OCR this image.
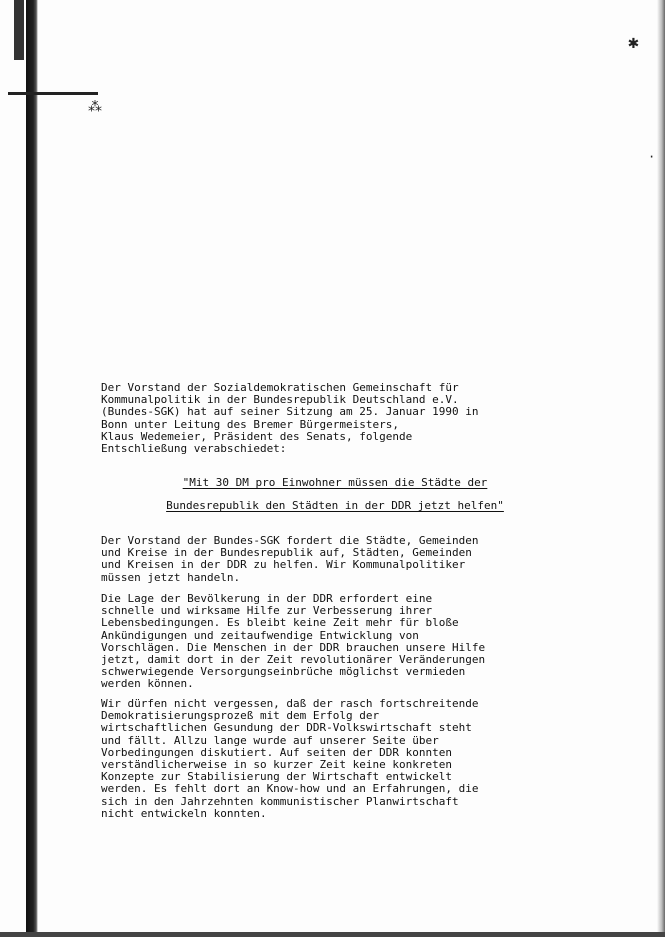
⁂
✱
·
Der Vorstand der Sozialdemokratischen Gemeinschaft für
Kommunalpolitik in der Bundesrepublik Deutschland e.V.
(Bundes-SGK) hat auf seiner Sitzung am 25. Januar 1990 in
Bonn unter Leitung des Bremer Bürgermeisters,
Klaus Wedemeier, Präsident des Senats, folgende
Entschließung verabschiedet:
"Mit 30 DM pro Einwohner müssen die Städte der
Bundesrepublik den Städten in der DDR jetzt helfen"
Der Vorstand der Bundes-SGK fordert die Städte, Gemeinden
und Kreise in der Bundesrepublik auf, Städten, Gemeinden
und Kreisen in der DDR zu helfen. Wir Kommunalpolitiker
müssen jetzt handeln.
Die Lage der Bevölkerung in der DDR erfordert eine
schnelle und wirksame Hilfe zur Verbesserung ihrer
Lebensbedingungen. Es bleibt keine Zeit mehr für bloße
Ankündigungen und zeitaufwendige Entwicklung von
Vorschlägen. Die Menschen in der DDR brauchen unsere Hilfe
jetzt, damit dort in der Zeit revolutionärer Veränderungen
schwerwiegende Versorgungseinbrüche möglichst vermieden
werden können.
Wir dürfen nicht vergessen, daß der rasch fortschreitende
Demokratisierungsprozeß mit dem Erfolg der
wirtschaftlichen Gesundung der DDR-Volkswirtschaft steht
und fällt. Allzu lange wurde auf unserer Seite über
Vorbedingungen diskutiert. Auf seiten der DDR konnten
verständlicherweise in so kurzer Zeit keine konkreten
Konzepte zur Stabilisierung der Wirtschaft entwickelt
werden. Es fehlt dort an Know-how und an Erfahrungen, die
sich in den Jahrzehnten kommunistischer Planwirtschaft
nicht entwickeln konnten.
